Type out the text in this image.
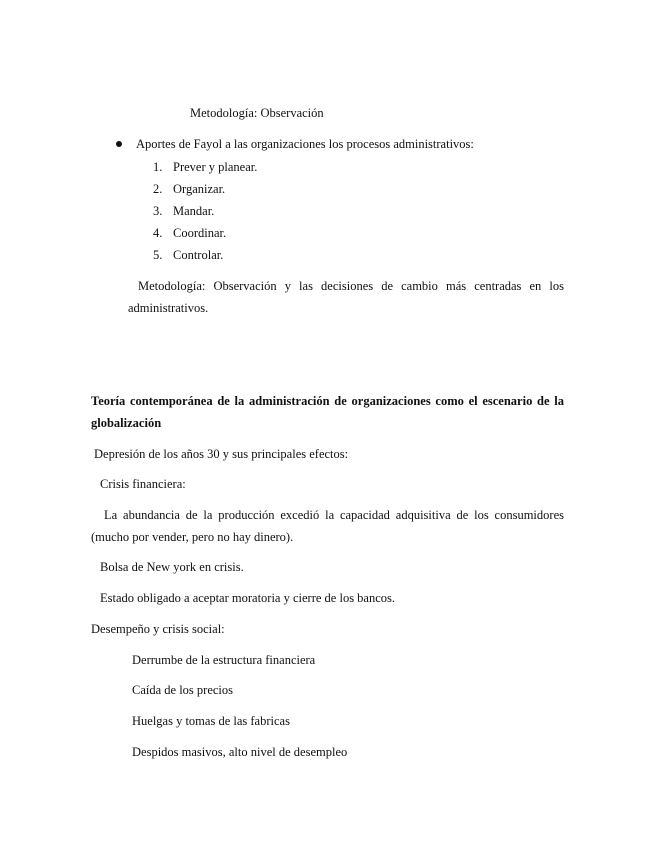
Metodología: Observación
Aportes de Fayol a las organizaciones los procesos administrativos:
1. Prever y planear.
2. Organizar.
3. Mandar.
4. Coordinar.
5. Controlar.
Metodología: Observación y las decisiones de cambio más centradas en los
administrativos.
Teoría contemporánea de la administración de organizaciones como el escenario de la
globalización
Depresión de los años 30 y sus principales efectos:
Crisis financiera:
La abundancia de la producción excedió la capacidad adquisitiva de los consumidores
(mucho por vender, pero no hay dinero).
Bolsa de New york en crisis.
Estado obligado a aceptar moratoria y cierre de los bancos.
Desempeño y crisis social:
Derrumbe de la estructura financiera
Caída de los precios
Huelgas y tomas de las fabricas
Despidos masivos, alto nivel de desempleo
